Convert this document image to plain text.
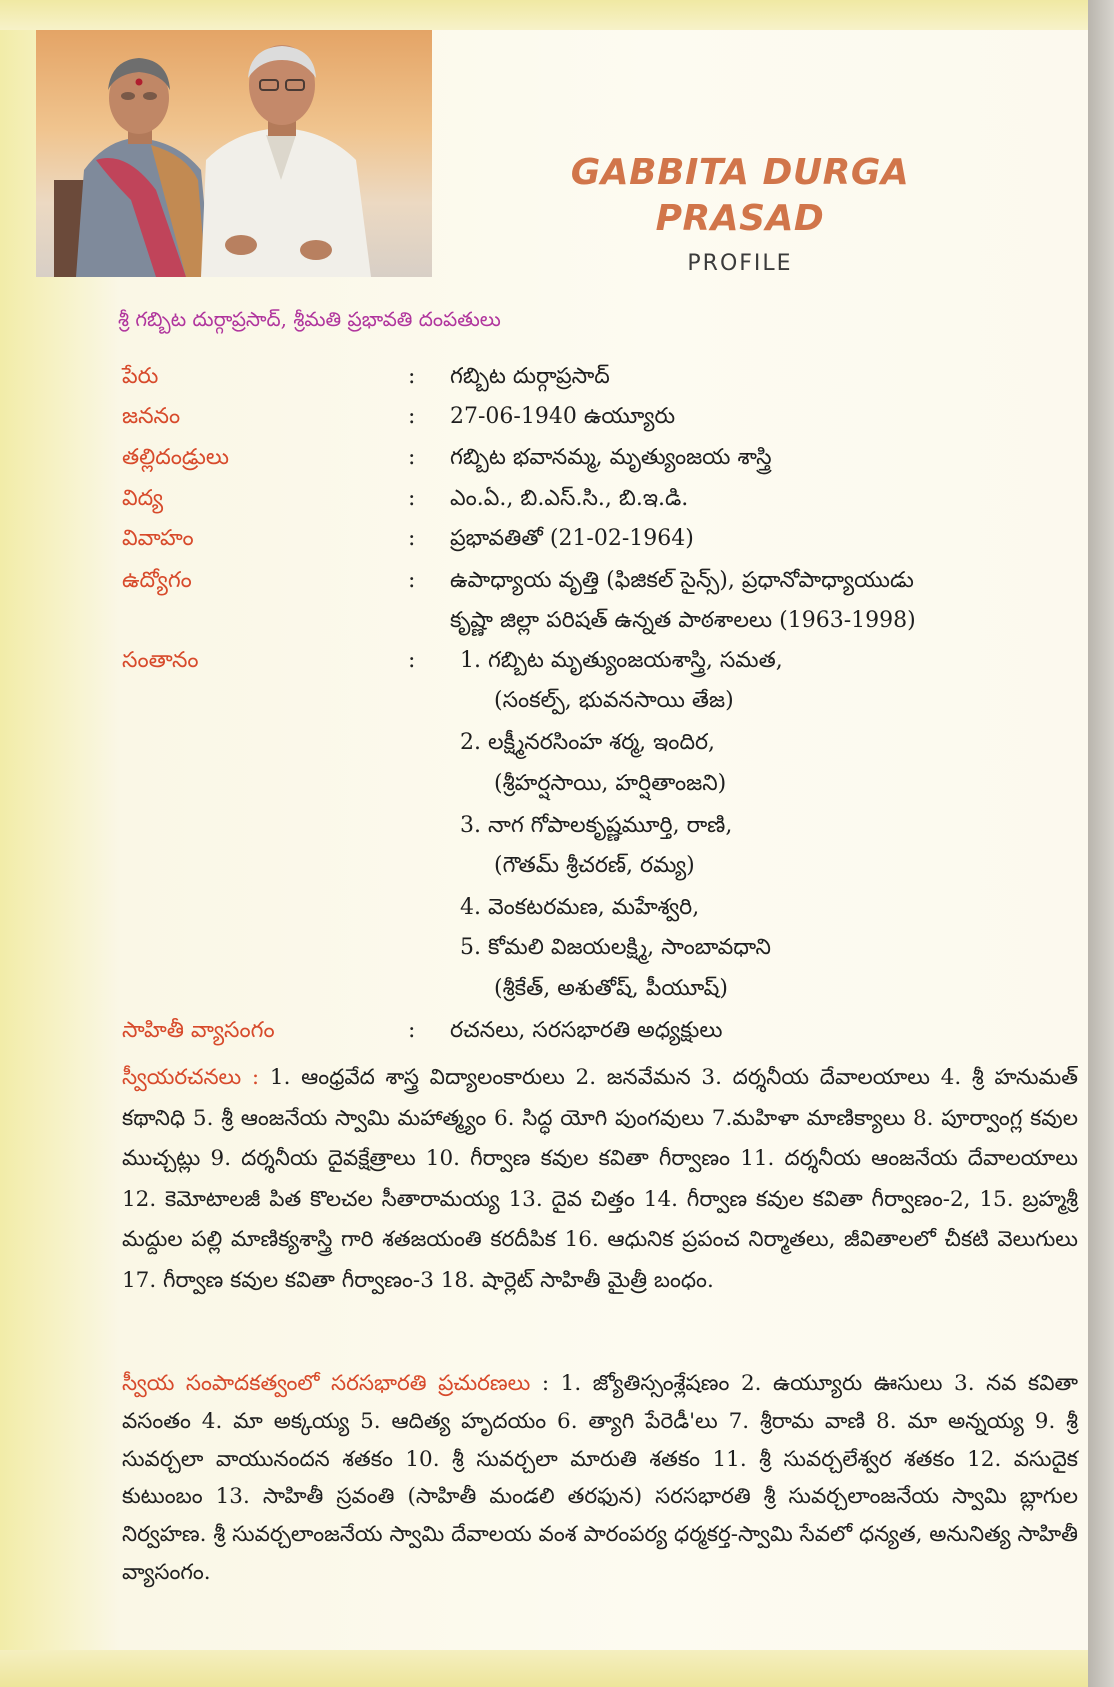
GABBITA DURGA PRASAD
PROFILE
శ్రీ గబ్బిట దుర్గాప్రసాద్, శ్రీమతి ప్రభావతి దంపతులు
పేరు	:	గబ్బిట దుర్గాప్రసాద్
జననం	:	27-06-1940 ఉయ్యూరు
తల్లిదండ్రులు	:	గబ్బిట భవానమ్మ, మృత్యుంజయ శాస్త్రి
విద్య	:	ఎం.ఏ., బి.ఎస్.సి., బి.ఇ.డి.
వివాహం	:	ప్రభావతితో (21-02-1964)
ఉద్యోగం	:	ఉపాధ్యాయ వృత్తి (ఫిజికల్ సైన్స్), ప్రధానోపాధ్యాయుడు
కృష్ణా జిల్లా పరిషత్ ఉన్నత పాఠశాలలు (1963-1998)
సంతానం	:	1. గబ్బిట మృత్యుంజయశాస్త్రి, సమత,
(సంకల్ప్, భువనసాయి తేజ)
2. లక్ష్మీనరసింహ శర్మ, ఇందిర,
(శ్రీహర్షసాయి, హర్షితాంజని)
3. నాగ గోపాలకృష్ణమూర్తి, రాణి,
(గౌతమ్ శ్రీచరణ్, రమ్య)
4. వెంకటరమణ, మహేశ్వరి,
5. కోమలి విజయలక్ష్మి, సాంబావధాని
(శ్రీకేత్, అశుతోష్, పీయూష్)
సాహితీ వ్యాసంగం	:	రచనలు, సరసభారతి అధ్యక్షులు
స్వీయరచనలు : 1. ఆంధ్రవేద శాస్త్ర విద్యాలంకారులు 2. జనవేమన 3. దర్శనీయ దేవాలయాలు 4. శ్రీ హనుమత్ కథానిధి 5. శ్రీ ఆంజనేయ స్వామి మహాత్మ్యం 6. సిద్ధ యోగి పుంగవులు 7.మహిళా మాణిక్యాలు 8. పూర్వాంగ్ల కవుల ముచ్చట్లు 9. దర్శనీయ దైవక్షేత్రాలు 10. గీర్వాణ కవుల కవితా గీర్వాణం 11. దర్శనీయ ఆంజనేయ దేవాలయాలు 12. కెమోటాలజీ పిత కొలచల సీతారామయ్య 13. దైవ చిత్తం 14. గీర్వాణ కవుల కవితా గీర్వాణం-2, 15. బ్రహ్మశ్రీ మద్దుల పల్లి మాణిక్యశాస్త్రి గారి శతజయంతి కరదీపిక 16. ఆధునిక ప్రపంచ నిర్మాతలు, జీవితాలలో చీకటి వెలుగులు 17. గీర్వాణ కవుల కవితా గీర్వాణం-3 18. షార్లెట్ సాహితీ మైత్రీ బంధం.
స్వీయ సంపాదకత్వంలో సరసభారతి ప్రచురణలు : 1. జ్యోతిస్సంశ్లేషణం 2. ఉయ్యూరు ఊసులు 3. నవ కవితా వసంతం 4. మా అక్కయ్య 5. ఆదిత్య హృదయం 6. త్యాగి పేరెడీ'లు 7. శ్రీరామ వాణి 8. మా అన్నయ్య 9. శ్రీ సువర్చలా వాయునందన శతకం 10. శ్రీ సువర్చలా మారుతి శతకం 11. శ్రీ సువర్చలేశ్వర శతకం 12. వసుదైక కుటుంబం 13. సాహితీ స్రవంతి (సాహితీ మండలి తరఫున) సరసభారతి శ్రీ సువర్చలాంజనేయ స్వామి బ్లాగుల నిర్వహణ. శ్రీ సువర్చలాంజనేయ స్వామి దేవాలయ వంశ పారంపర్య ధర్మకర్త-స్వామి సేవలో ధన్యత, అనునిత్య సాహితీ వ్యాసంగం.
